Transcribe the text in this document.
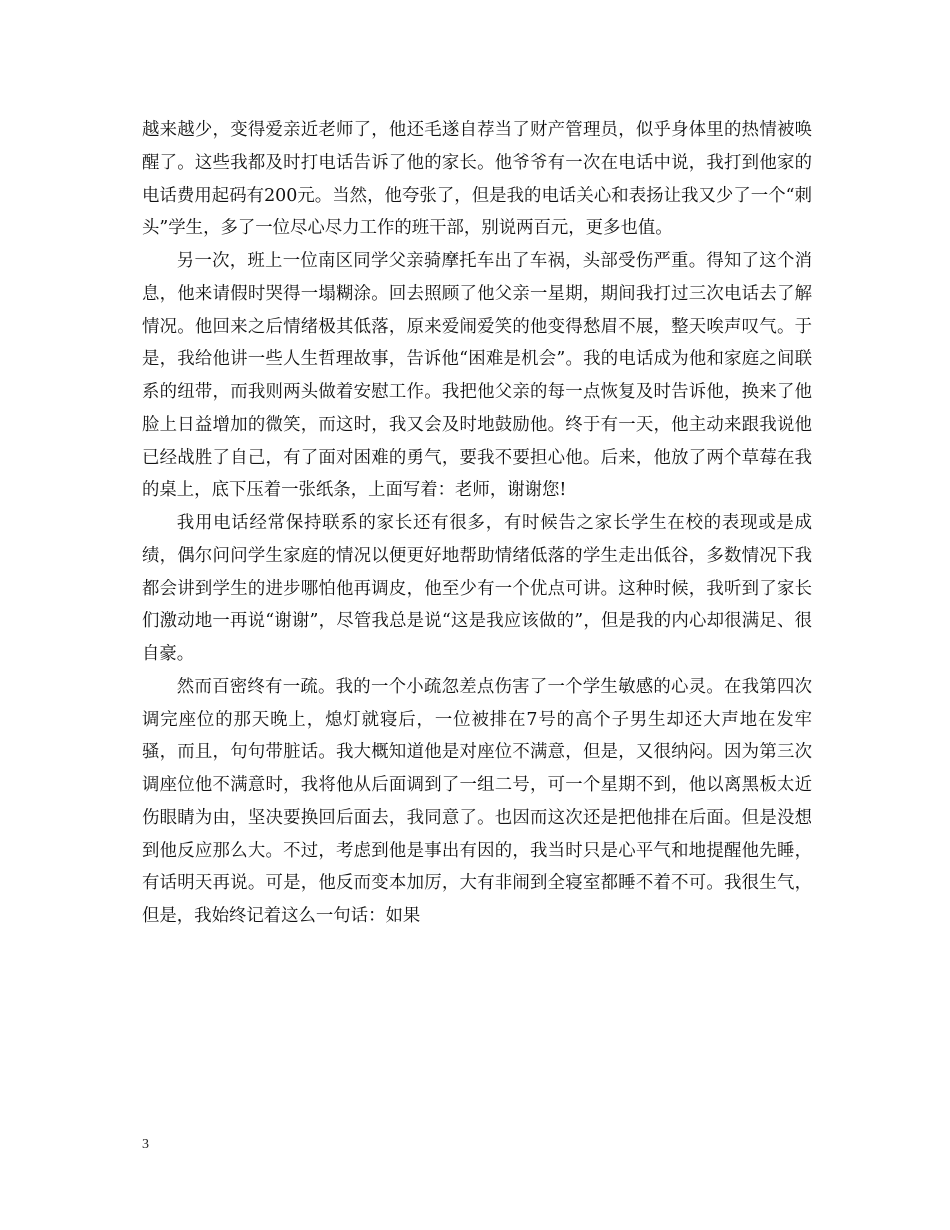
越来越少，变得爱亲近老师了，他还毛遂自荐当了财产管理员，似乎身体里的热情被唤醒了。这些我都及时打电话告诉了他的家长。他爷爷有一次在电话中说，我打到他家的电话费用起码有200元。当然，他夸张了，但是我的电话关心和表扬让我又少了一个“刺头”学生，多了一位尽心尽力工作的班干部，别说两百元，更多也值。

另一次，班上一位南区同学父亲骑摩托车出了车祸，头部受伤严重。得知了这个消息，他来请假时哭得一塌糊涂。回去照顾了他父亲一星期，期间我打过三次电话去了解情况。他回来之后情绪极其低落，原来爱闹爱笑的他变得愁眉不展，整天唉声叹气。于是，我给他讲一些人生哲理故事，告诉他“困难是机会”。我的电话成为他和家庭之间联系的纽带，而我则两头做着安慰工作。我把他父亲的每一点恢复及时告诉他，换来了他脸上日益增加的微笑，而这时，我又会及时地鼓励他。终于有一天，他主动来跟我说他已经战胜了自己，有了面对困难的勇气，要我不要担心他。后来，他放了两个草莓在我的桌上，底下压着一张纸条，上面写着：老师，谢谢您!

我用电话经常保持联系的家长还有很多，有时候告之家长学生在校的表现或是成绩，偶尔问问学生家庭的情况以便更好地帮助情绪低落的学生走出低谷，多数情况下我都会讲到学生的进步哪怕他再调皮，他至少有一个优点可讲。这种时候，我听到了家长们激动地一再说“谢谢”，尽管我总是说“这是我应该做的”，但是我的内心却很满足、很自豪。

然而百密终有一疏。我的一个小疏忽差点伤害了一个学生敏感的心灵。在我第四次调完座位的那天晚上，熄灯就寝后，一位被排在7号的高个子男生却还大声地在发牢骚，而且，句句带脏话。我大概知道他是对座位不满意，但是，又很纳闷。因为第三次调座位他不满意时，我将他从后面调到了一组二号，可一个星期不到，他以离黑板太近伤眼睛为由，坚决要换回后面去，我同意了。也因而这次还是把他排在后面。但是没想到他反应那么大。不过，考虑到他是事出有因的，我当时只是心平气和地提醒他先睡，有话明天再说。可是，他反而变本加厉，大有非闹到全寝室都睡不着不可。我很生气，但是，我始终记着这么一句话：如果

3
